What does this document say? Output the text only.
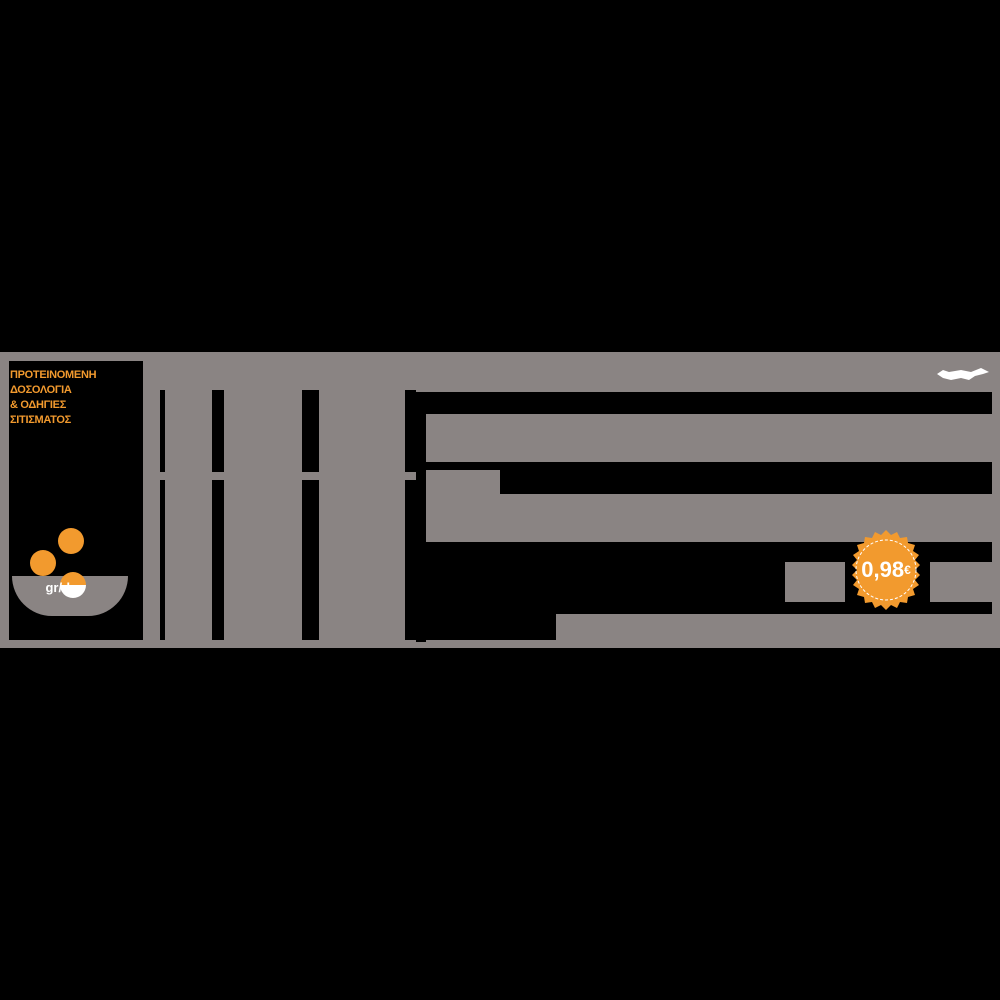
ΠΡΟΤΕΙΝΟΜΕΝΗ
ΔΟΣΟΛΟΓΙΑ
& ΟΔΗΓΙΕΣ
ΣΙΤΙΣΜΑΤΟΣ
gr/day
0,98 €
